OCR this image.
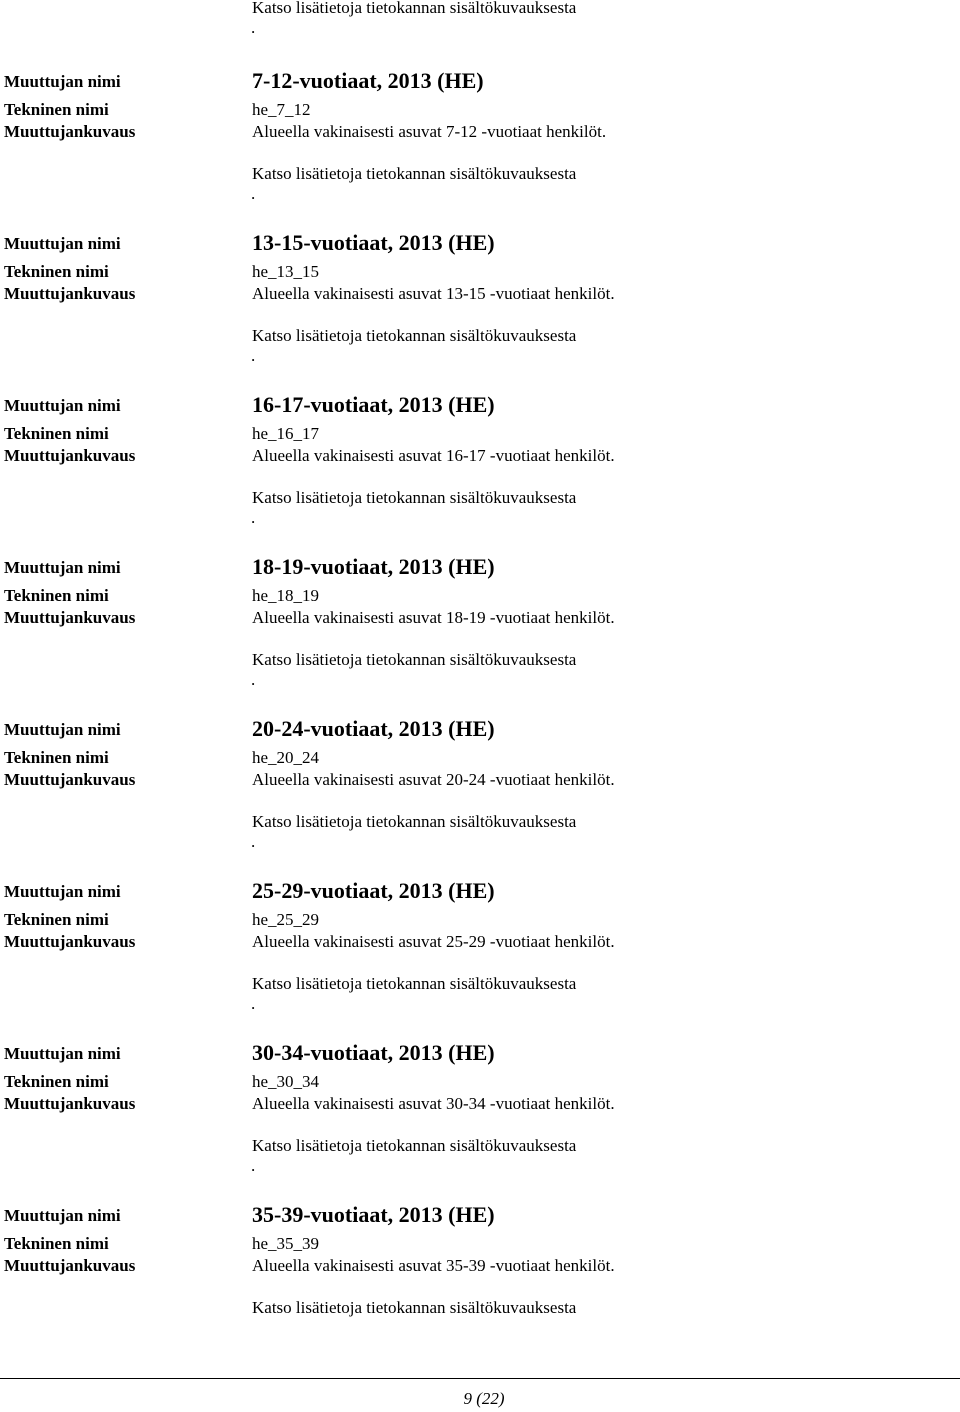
Katso lisätietoja tietokannan sisältökuvauksesta
.
Muuttujan nimi
Tekninen nimi
Muuttujankuvaus
7-12-vuotiaat, 2013 (HE)
he_7_12
Alueella vakinaisesti asuvat 7-12 -vuotiaat henkilöt.
Katso lisätietoja tietokannan sisältökuvauksesta
.
Muuttujan nimi
Tekninen nimi
Muuttujankuvaus
13-15-vuotiaat, 2013 (HE)
he_13_15
Alueella vakinaisesti asuvat 13-15 -vuotiaat henkilöt.
Katso lisätietoja tietokannan sisältökuvauksesta
.
Muuttujan nimi
Tekninen nimi
Muuttujankuvaus
16-17-vuotiaat, 2013 (HE)
he_16_17
Alueella vakinaisesti asuvat 16-17 -vuotiaat henkilöt.
Katso lisätietoja tietokannan sisältökuvauksesta
.
Muuttujan nimi
Tekninen nimi
Muuttujankuvaus
18-19-vuotiaat, 2013 (HE)
he_18_19
Alueella vakinaisesti asuvat 18-19 -vuotiaat henkilöt.
Katso lisätietoja tietokannan sisältökuvauksesta
.
Muuttujan nimi
Tekninen nimi
Muuttujankuvaus
20-24-vuotiaat, 2013 (HE)
he_20_24
Alueella vakinaisesti asuvat 20-24 -vuotiaat henkilöt.
Katso lisätietoja tietokannan sisältökuvauksesta
.
Muuttujan nimi
Tekninen nimi
Muuttujankuvaus
25-29-vuotiaat, 2013 (HE)
he_25_29
Alueella vakinaisesti asuvat 25-29 -vuotiaat henkilöt.
Katso lisätietoja tietokannan sisältökuvauksesta
.
Muuttujan nimi
Tekninen nimi
Muuttujankuvaus
30-34-vuotiaat, 2013 (HE)
he_30_34
Alueella vakinaisesti asuvat 30-34 -vuotiaat henkilöt.
Katso lisätietoja tietokannan sisältökuvauksesta
.
Muuttujan nimi
Tekninen nimi
Muuttujankuvaus
35-39-vuotiaat, 2013 (HE)
he_35_39
Alueella vakinaisesti asuvat 35-39 -vuotiaat henkilöt.
Katso lisätietoja tietokannan sisältökuvauksesta
9 (22)
